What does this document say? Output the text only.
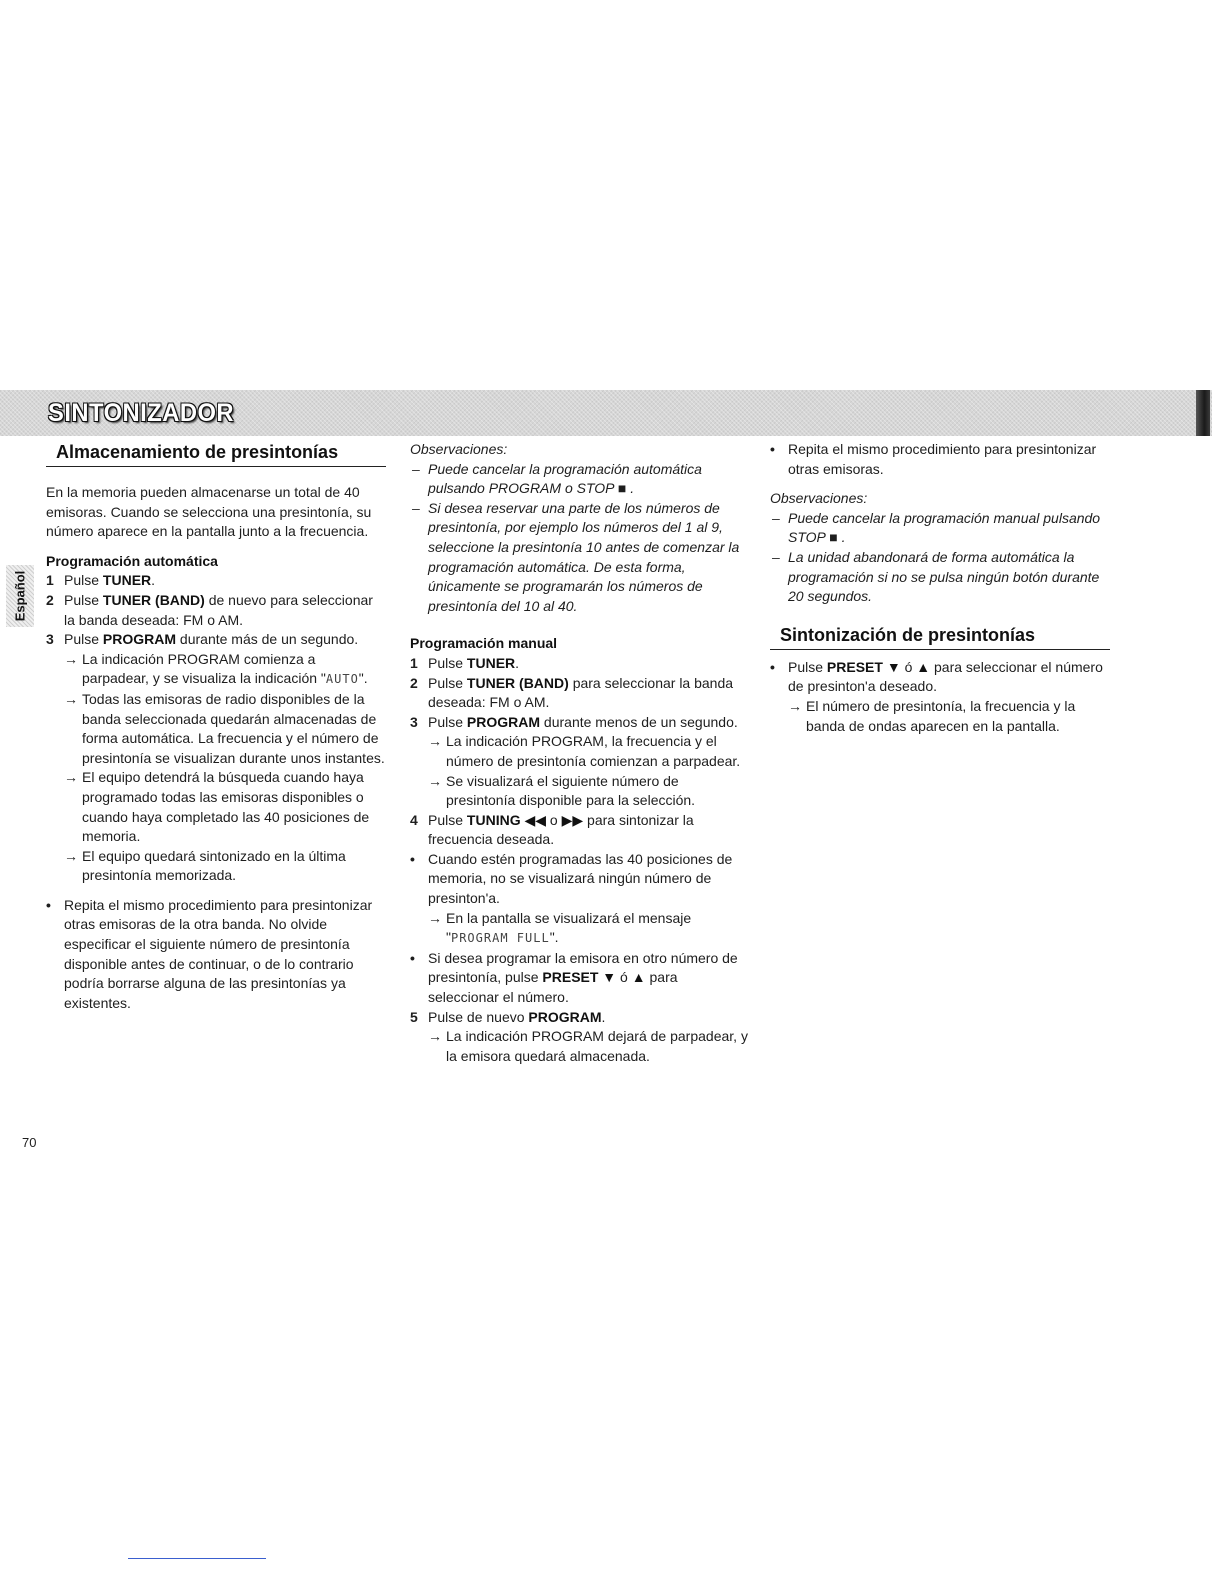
SINTONIZADOR
Español
Almacenamiento de presintonías

En la memoria pueden almacenarse un total de 40 emisoras. Cuando se selecciona una presintonía, su número aparece en la pantalla junto a la frecuencia.

Programación automática

1 Pulse TUNER.
2 Pulse TUNER (BAND) de nuevo para seleccionar la banda deseada: FM o AM.
3 Pulse PROGRAM durante más de un segundo.
→ La indicación PROGRAM comienza a parpadear, y se visualiza la indicación "AUTO".
→ Todas las emisoras de radio disponibles de la banda seleccionada quedarán almacenadas de forma automática. La frecuencia y el número de presintonía se visualizan durante unos instantes.
→ El equipo detendrá la búsqueda cuando haya programado todas las emisoras disponibles o cuando haya completado las 40 posiciones de memoria.
→ El equipo quedará sintonizado en la última presintonía memorizada.
• Repita el mismo procedimiento para presintonizar otras emisoras de la otra banda. No olvide especificar el siguiente número de presintonía disponible antes de continuar, o de lo contrario podría borrarse alguna de las presintonías ya existentes.

Observaciones:

– Puede cancelar la programación automática pulsando PROGRAM o STOP ■ .
– Si desea reservar una parte de los números de presintonía, por ejemplo los números del 1 al 9, seleccione la presintonía 10 antes de comenzar la programación automática. De esta forma, únicamente se programarán los números de presintonía del 10 al 40.

Programación manual

1 Pulse TUNER.
2 Pulse TUNER (BAND) para seleccionar la banda deseada: FM o AM.
3 Pulse PROGRAM durante menos de un segundo.
→ La indicación PROGRAM, la frecuencia y el número de presintonía comienzan a parpadear.
→ Se visualizará el siguiente número de presintonía disponible para la selección.
4 Pulse TUNING ◀◀ o ▶▶ para sintonizar la frecuencia deseada.
• Cuando estén programadas las 40 posiciones de memoria, no se visualizará ningún número de presinton'a.
→ En la pantalla se visualizará el mensaje "PROGRAM FULL".
• Si desea programar la emisora en otro número de presintonía, pulse PRESET ▼ ó ▲ para seleccionar el número.
5 Pulse de nuevo PROGRAM.
→ La indicación PROGRAM dejará de parpadear, y la emisora quedará almacenada.
• Repita el mismo procedimiento para presintonizar otras emisoras.

Observaciones:

– Puede cancelar la programación manual pulsando STOP ■ .
– La unidad abandonará de forma automática la programación si no se pulsa ningún botón durante 20 segundos.
Sintonización de presintonías
• Pulse PRESET ▼ ó ▲ para seleccionar el número de presinton'a deseado.
→ El número de presintonía, la frecuencia y la banda de ondas aparecen en la pantalla.
70
